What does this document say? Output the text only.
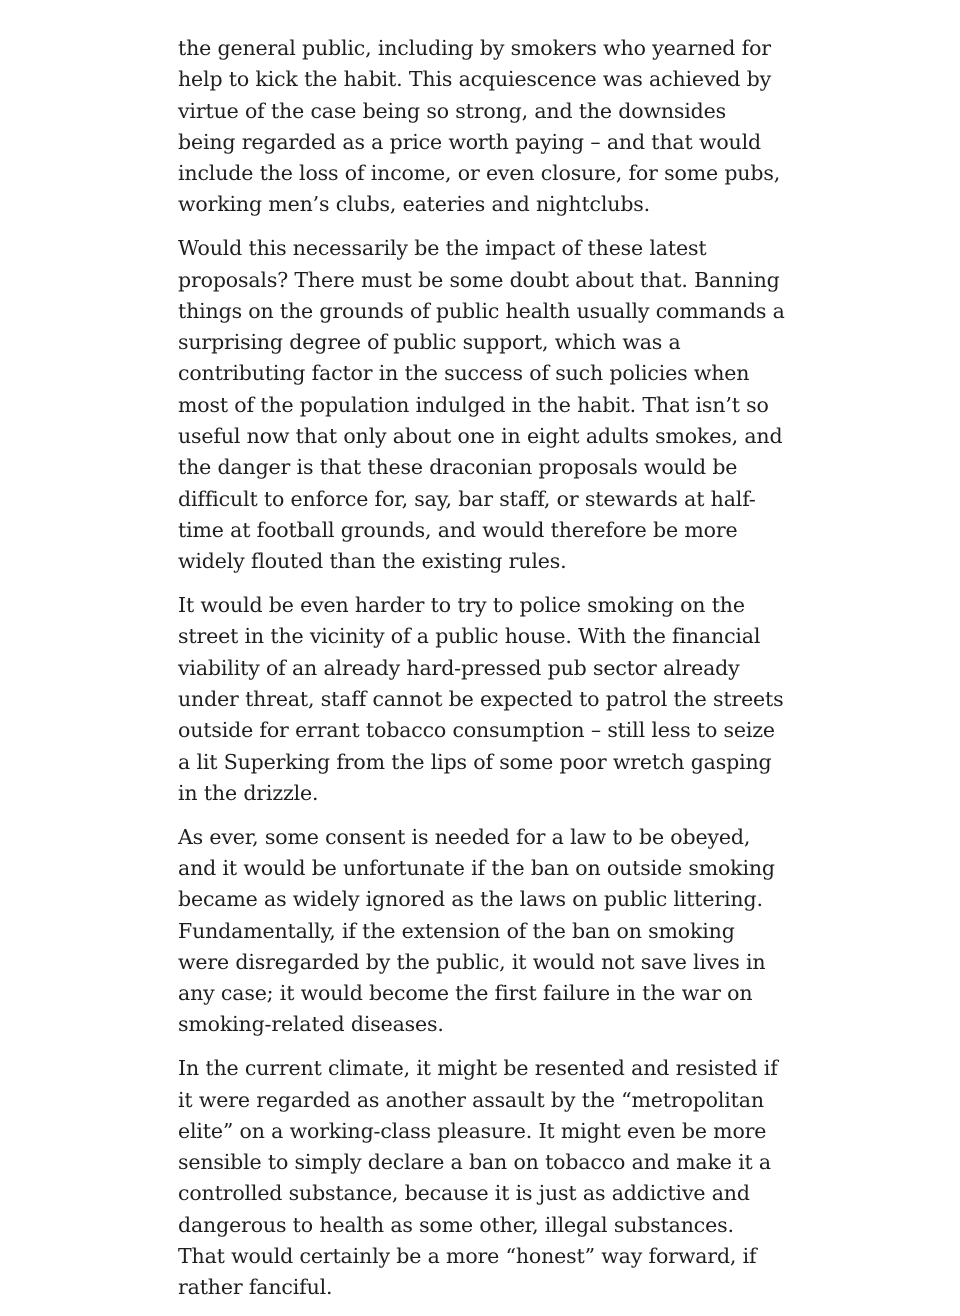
the general public, including by smokers who yearned for help to kick the habit. This acquiescence was achieved by virtue of the case being so strong, and the downsides being regarded as a price worth paying – and that would include the loss of income, or even closure, for some pubs, working men’s clubs, eateries and nightclubs.

Would this necessarily be the impact of these latest proposals? There must be some doubt about that. Banning things on the grounds of public health usually commands a surprising degree of public support, which was a contributing factor in the success of such policies when most of the population indulged in the habit. That isn’t so useful now that only about one in eight adults smokes, and the danger is that these draconian proposals would be difficult to enforce for, say, bar staff, or stewards at half-time at football grounds, and would therefore be more widely flouted than the existing rules.

It would be even harder to try to police smoking on the street in the vicinity of a public house. With the financial viability of an already hard-pressed pub sector already under threat, staff cannot be expected to patrol the streets outside for errant tobacco consumption – still less to seize a lit Superking from the lips of some poor wretch gasping in the drizzle.

As ever, some consent is needed for a law to be obeyed, and it would be unfortunate if the ban on outside smoking became as widely ignored as the laws on public littering. Fundamentally, if the extension of the ban on smoking were disregarded by the public, it would not save lives in any case; it would become the first failure in the war on smoking-related diseases.

In the current climate, it might be resented and resisted if it were regarded as another assault by the “metropolitan elite” on a working-class pleasure. It might even be more sensible to simply declare a ban on tobacco and make it a controlled substance, because it is just as addictive and dangerous to health as some other, illegal substances. That would certainly be a more “honest” way forward, if rather fanciful.
